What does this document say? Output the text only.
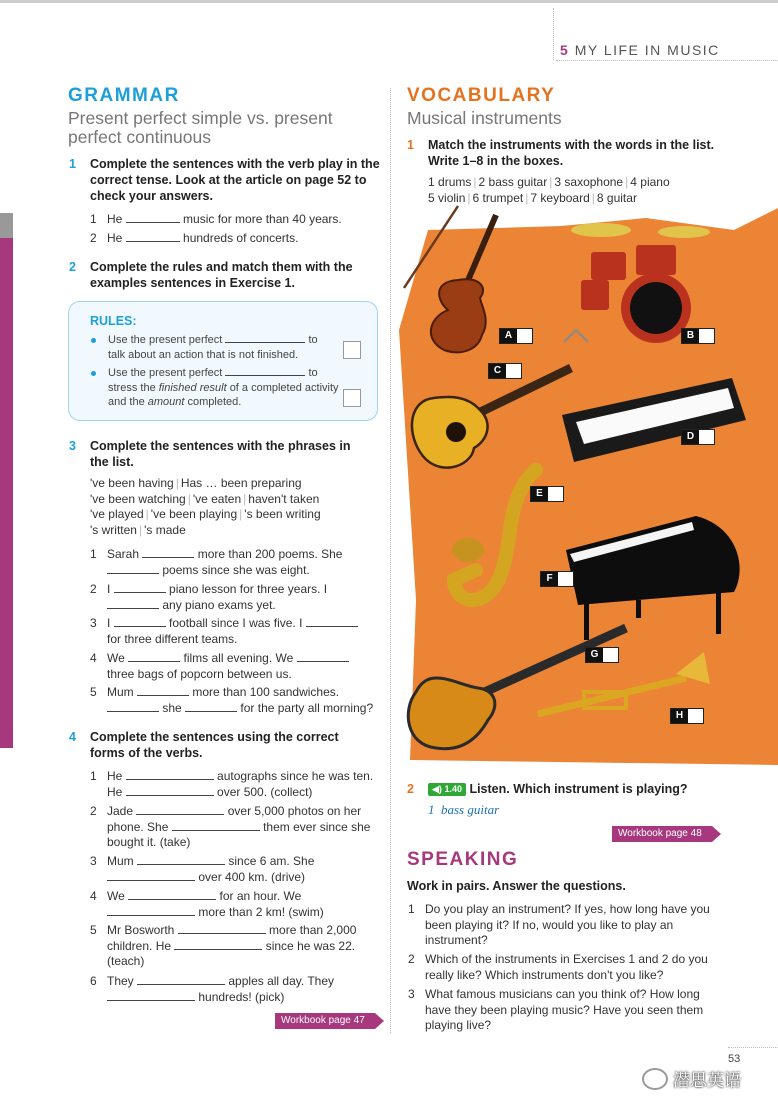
5 MY LIFE IN MUSIC
GRAMMAR
Present perfect simple vs. present perfect continuous
1 Complete the sentences with the verb play in the correct tense. Look at the article on page 52 to check your answers.
1 He	music for more than 40 years.
2 He	hundreds of concerts.
2 Complete the rules and match them with the examples sentences in Exercise 1.
RULES:
Use the present perfect	to
talk about an action that is not finished.
Use the present perfect	to
stress the finished result of a completed activity
and the amount completed.
3 Complete the sentences with the phrases in the list.
've been having | Has … been preparing
've been watching | 've eaten | haven't taken
've played | 've been playing | 's been writing
's written | 's made
1 Sarah	more than 200 poems. She
poems since she was eight.
2 I	piano lesson for three years. I
any piano exams yet.
3 I	football since I was five. I
for three different teams.
4 We	films all evening. We
three bags of popcorn between us.
5 Mum	more than 100 sandwiches.
she	for the party all morning?
4 Complete the sentences using the correct forms of the verbs.
1 He	autographs since he was ten.
He	over 500. (collect)
2 Jade	over 5,000 photos on her
phone. She	them ever since she
bought it. (take)
3 Mum	since 6 am. She
over 400 km. (drive)
4 We	for an hour. We
more than 2 km! (swim)
5 Mr Bosworth	more than 2,000
children. He	since he was 22.
(teach)
6 They	apples all day. They
hundreds! (pick)
Workbook page 47
VOCABULARY
Musical instruments
1 Match the instruments with the words in the list. Write 1–8 in the boxes.
1 drums | 2 bass guitar | 3 saxophone | 4 piano
5 violin | 6 trumpet | 7 keyboard | 8 guitar
A	B
C
D
E
F
G
H
2 ◀) 1.40 Listen. Which instrument is playing?
1 bass guitar
Workbook page 48
SPEAKING
Work in pairs. Answer the questions.
1 Do you play an instrument? If yes, how long have you been playing it? If no, would you like to play an instrument?
2 Which of the instruments in Exercises 1 and 2 do you really like? Which instruments don't you like?
3 What famous musicians can you think of? How long have they been playing music? Have you seen them playing live?
53
潜思英语
